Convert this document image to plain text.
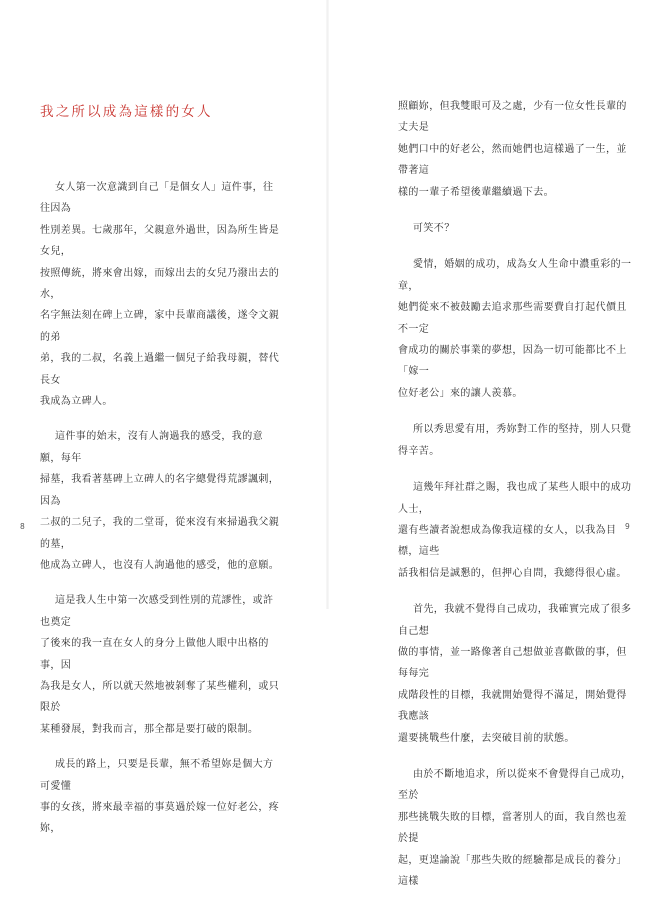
我之所以成為這樣的女人

女人第一次意識到自己「是個女人」這件事，往往因為
性別差異。七歲那年，父親意外過世，因為所生皆是女兒，
按照傳統，將來會出嫁，而嫁出去的女兒乃潑出去的水，
名字無法刻在碑上立碑，家中長輩商議後，遂令文親的弟
弟，我的二叔，名義上過繼一個兒子給我母親，替代長女
我成為立碑人。

這件事的始末，沒有人詢過我的感受，我的意願，每年
掃墓，我看著墓碑上立碑人的名字總覺得荒謬諷刺，因為
二叔的二兒子，我的二堂哥，從來沒有來掃過我父親的墓，
他成為立碑人，也沒有人詢過他的感受，他的意願。

這是我人生中第一次感受到性別的荒謬性，或許也奠定
了後來的我一直在女人的身分上做他人眼中出格的事，因
為我是女人，所以就天然地被剝奪了某些權利，或只限於
某種發展，對我而言，那全都是要打破的限制。

成長的路上，只要是長輩，無不希望妳是個大方可愛懂
事的女孩，將來最幸福的事莫過於嫁一位好老公，疼妳，

8

照顧妳，但我雙眼可及之處，少有一位女性長輩的丈夫是
她們口中的好老公，然而她們也這樣過了一生，並帶著這
樣的一輩子希望後輩繼續過下去。

可笑不？

愛情，婚姻的成功，成為女人生命中濃重彩的一章，
她們從來不被鼓勵去追求那些需要費自打起代價且不一定
會成功的關於事業的夢想，因為一切可能都比不上「嫁一
位好老公」來的讓人羨慕。

所以秀思愛有用，秀妳對工作的堅持，別人只覺得辛苦。

這幾年拜社群之賜，我也成了某些人眼中的成功人士，
還有些讀者說想成為像我這樣的女人，以我為目標，這些
話我相信是誠懇的，但押心自問，我總得很心虛。

首先，我就不覺得自己成功，我確實完成了很多自己想
做的事情，並一路像著自己想做並喜歡做的事，但每每完
成階段性的目標，我就開始覺得不滿足，開始覺得我應該
還要挑戰些什麼，去突破目前的狀態。

由於不斷地追求，所以從來不會覺得自己成功，至於
那些挑戰失敗的目標，當著別人的面，我自然也羞於提
起，更遑論說「那些失敗的經驗都是成長的養分」這樣

9
